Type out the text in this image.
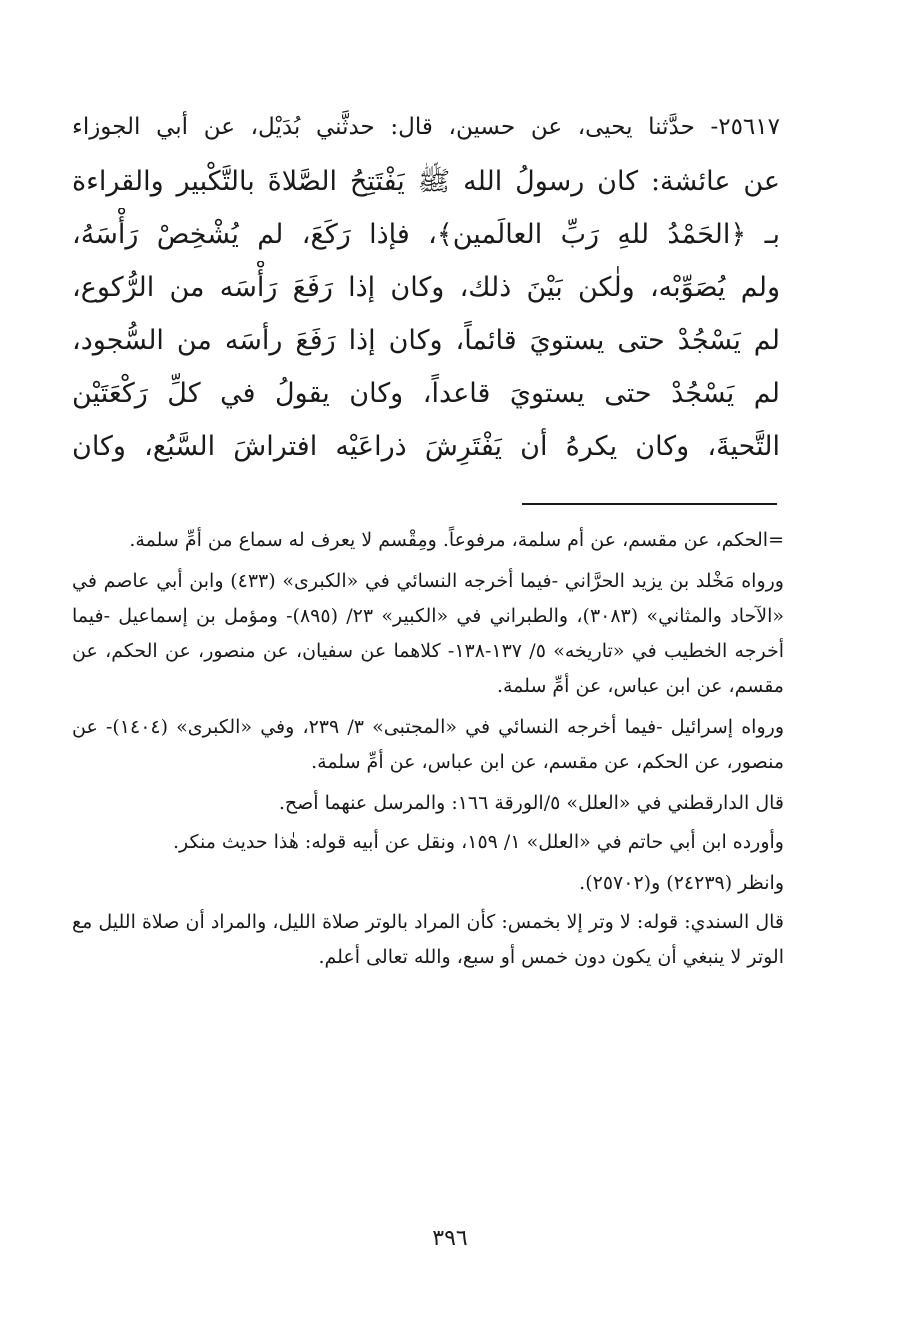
٢٥٦١٧- حدَّثنا يحيى، عن حسين، قال: حدثَّني بُدَيْل، عن أبي الجوزاء
عن عائشة: كان رسولُ الله ﷺ يَفْتَتِحُ الصَّلاةَ بالتَّكْبير والقراءة
بـ ﴿الحَمْدُ للهِ رَبِّ العالَمين﴾، فإذا رَكَعَ، لم يُشْخِصْ رَأْسَهُ،
ولم يُصَوِّبْه، ولٰكن بَيْنَ ذلك، وكان إذا رَفَعَ رَأْسَه من الرُّكوع،
لم يَسْجُدْ حتى يستويَ قائماً، وكان إذا رَفَعَ رأسَه من السُّجود،
لم يَسْجُدْ حتى يستويَ قاعداً، وكان يقولُ في كلِّ رَكْعَتَيْن
التَّحيةَ، وكان يكرهُ أن يَفْتَرِشَ ذراعَيْه افتراشَ السَّبُع، وكان

=الحكم، عن مقسم، عن أم سلمة، مرفوعاً. ومِقْسم لا يعرف له سماع من أمِّ سلمة.

ورواه مَخْلد بن يزيد الحرَّاني -فيما أخرجه النسائي في «الكبرى» (٤٣٣) وابن أبي عاصم في «الآحاد والمثاني» (٣٠٨٣)، والطبراني في «الكبير» ٢٣/ (٨٩٥)- ومؤمل بن إسماعيل -فيما أخرجه الخطيب في «تاريخه» ٥/ ١٣٧-١٣٨- كلاهما عن سفيان، عن منصور، عن الحكم، عن مقسم، عن ابن عباس، عن أمِّ سلمة.

ورواه إسرائيل -فيما أخرجه النسائي في «المجتبى» ٣/ ٢٣٩، وفي «الكبرى» (١٤٠٤)- عن منصور، عن الحكم، عن مقسم، عن ابن عباس، عن أمِّ سلمة.

قال الدارقطني في «العلل» ٥/الورقة ١٦٦: والمرسل عنهما أصح.

وأورده ابن أبي حاتم في «العلل» ١/ ١٥٩، ونقل عن أبيه قوله: هٰذا حديث منكر.

وانظر (٢٤٢٣٩) و(٢٥٧٠٢).

قال السندي: قوله: لا وتر إلا بخمس: كأن المراد بالوتر صلاة الليل، والمراد أن صلاة الليل مع الوتر لا ينبغي أن يكون دون خمس أو سبع، والله تعالى أعلم.

٣٩٦
